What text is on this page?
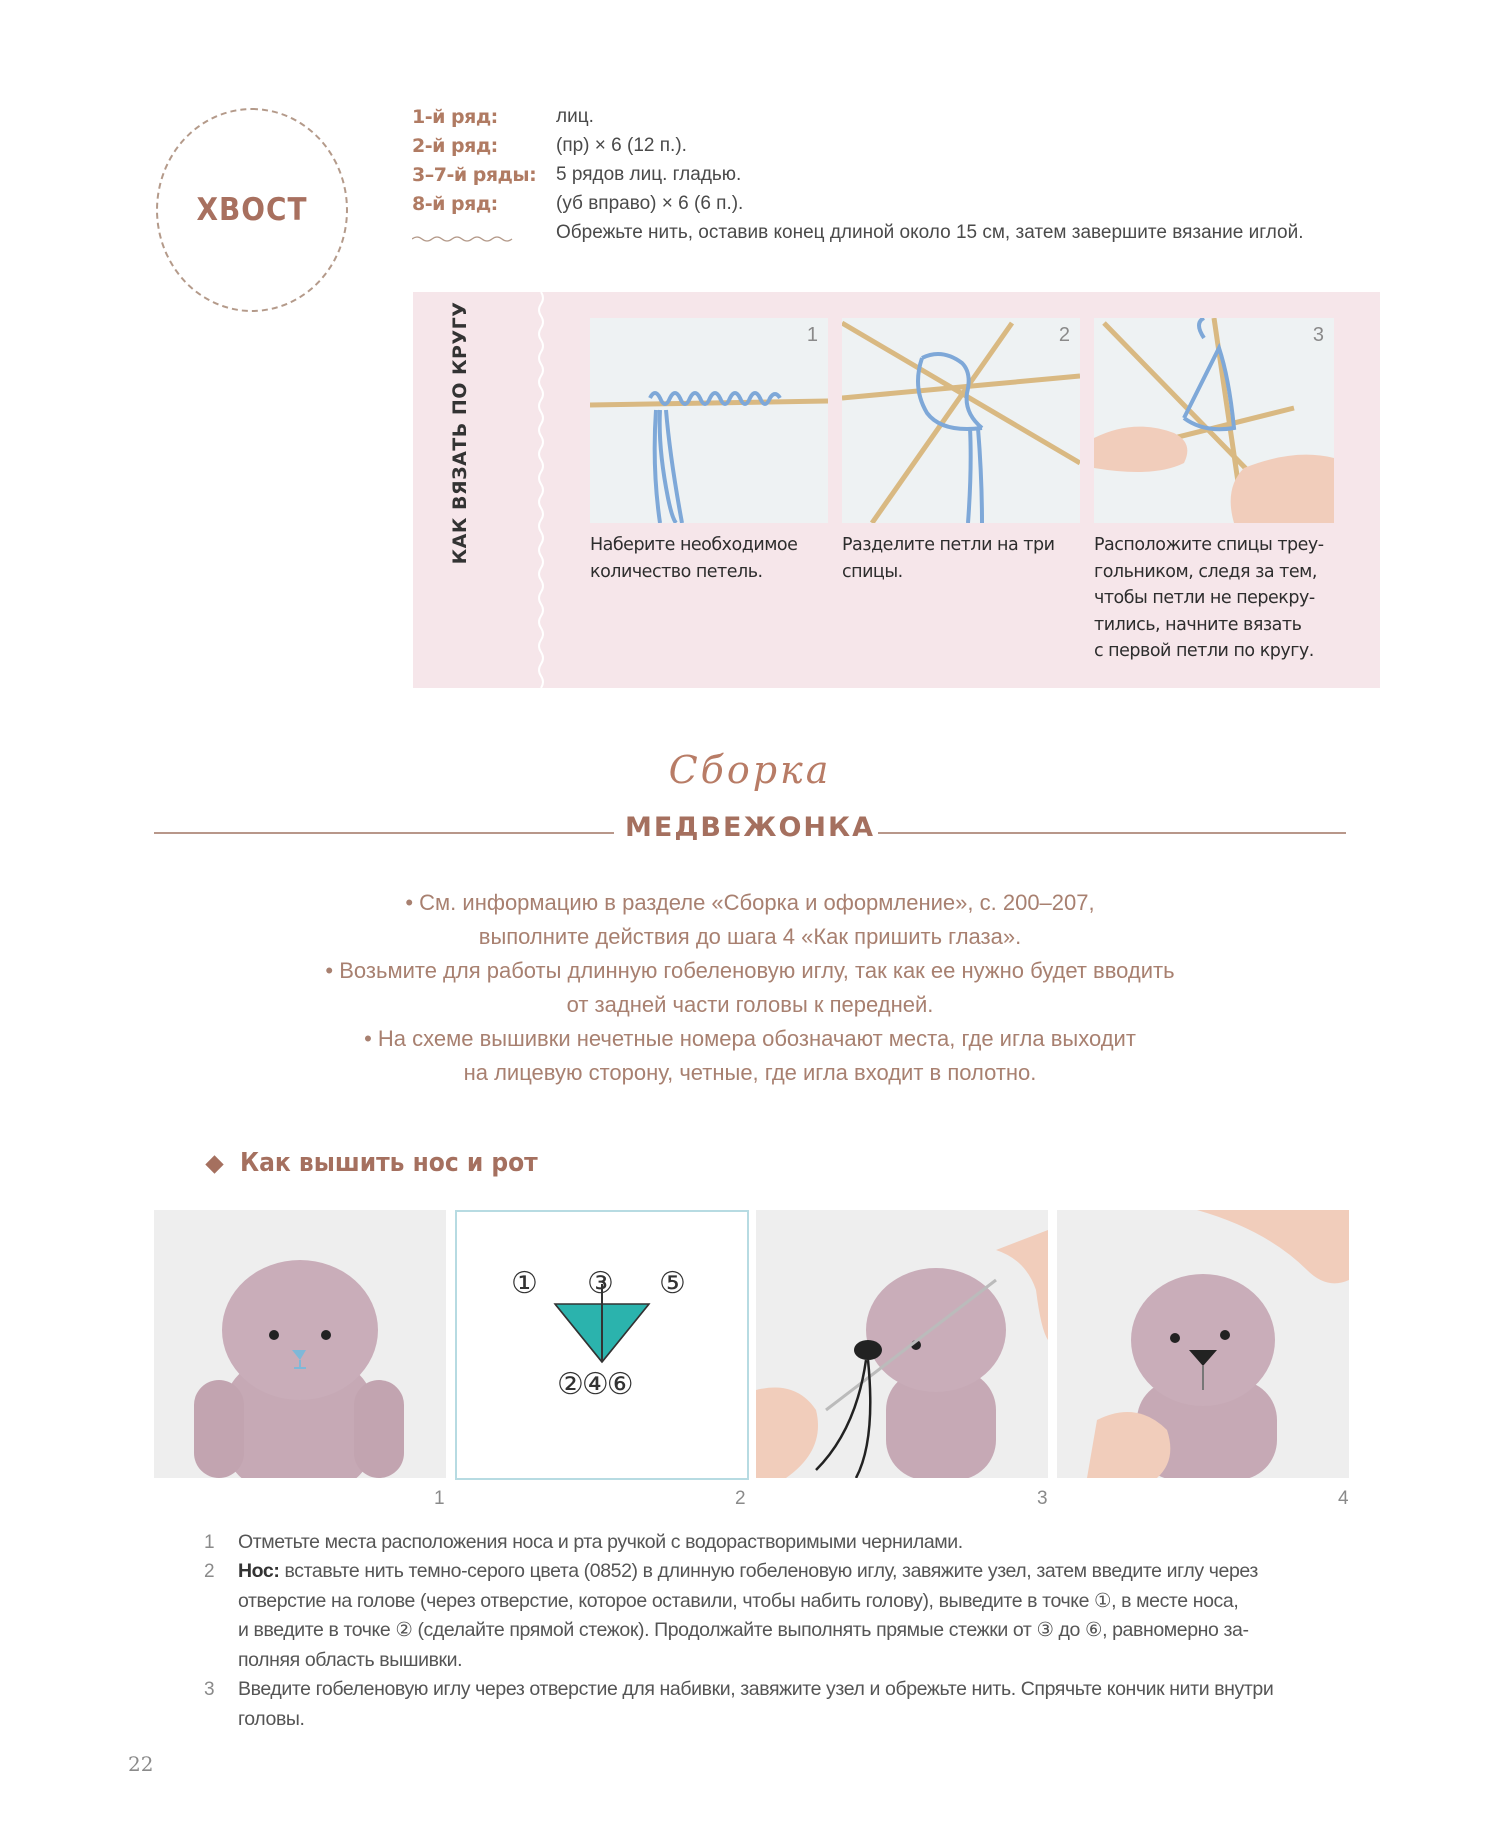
ХВОСТ
1-й ряд:	лиц.
2-й ряд:	(пр) × 6 (12 п.).
3–7-й ряды: 5 рядов лиц. гладью.
8-й ряд:	(уб вправо) × 6 (6 п.).
Обрежьте нить, оставив конец длиной около 15 см, затем завершите вязание иглой.
КАК ВЯЗАТЬ ПО КРУГУ	1	2	3
Наберите необходимое
количество петель.
Разделите петли на три
спицы.
Расположите спицы треу-
гольником, следя за тем,
чтобы петли не перекру-
тились, начните вязать
с первой петли по кругу.
Сборка
МЕДВЕЖОНКА
• См. информацию в разделе «Сборка и оформление», с. 200–207,
выполните действия до шага 4 «Как пришить глаза».
• Возьмите для работы длинную гобеленовую иглу, так как ее нужно будет вводить
от задней части головы к передней.
• На схеме вышивки нечетные номера обозначают места, где игла выходит
на лицевую сторону, четные, где игла входит в полотно.
Как вышить нос и рот
① ③ ⑤
②④⑥
1	2	3	4
1 Отметьте места расположения носа и рта ручкой с водорастворимыми чернилами.
2 Нос: вставьте нить темно-серого цвета (0852) в длинную гобеленовую иглу, завяжите узел, затем введите иглу через
отверстие на голове (через отверстие, которое оставили, чтобы набить голову), выведите в точке ①, в месте носа,
и введите в точке ② (сделайте прямой стежок). Продолжайте выполнять прямые стежки от ③ до ⑥, равномерно за-
полняя область вышивки.
3 Введите гобеленовую иглу через отверстие для набивки, завяжите узел и обрежьте нить. Спрячьте кончик нити внутри
головы.
22
